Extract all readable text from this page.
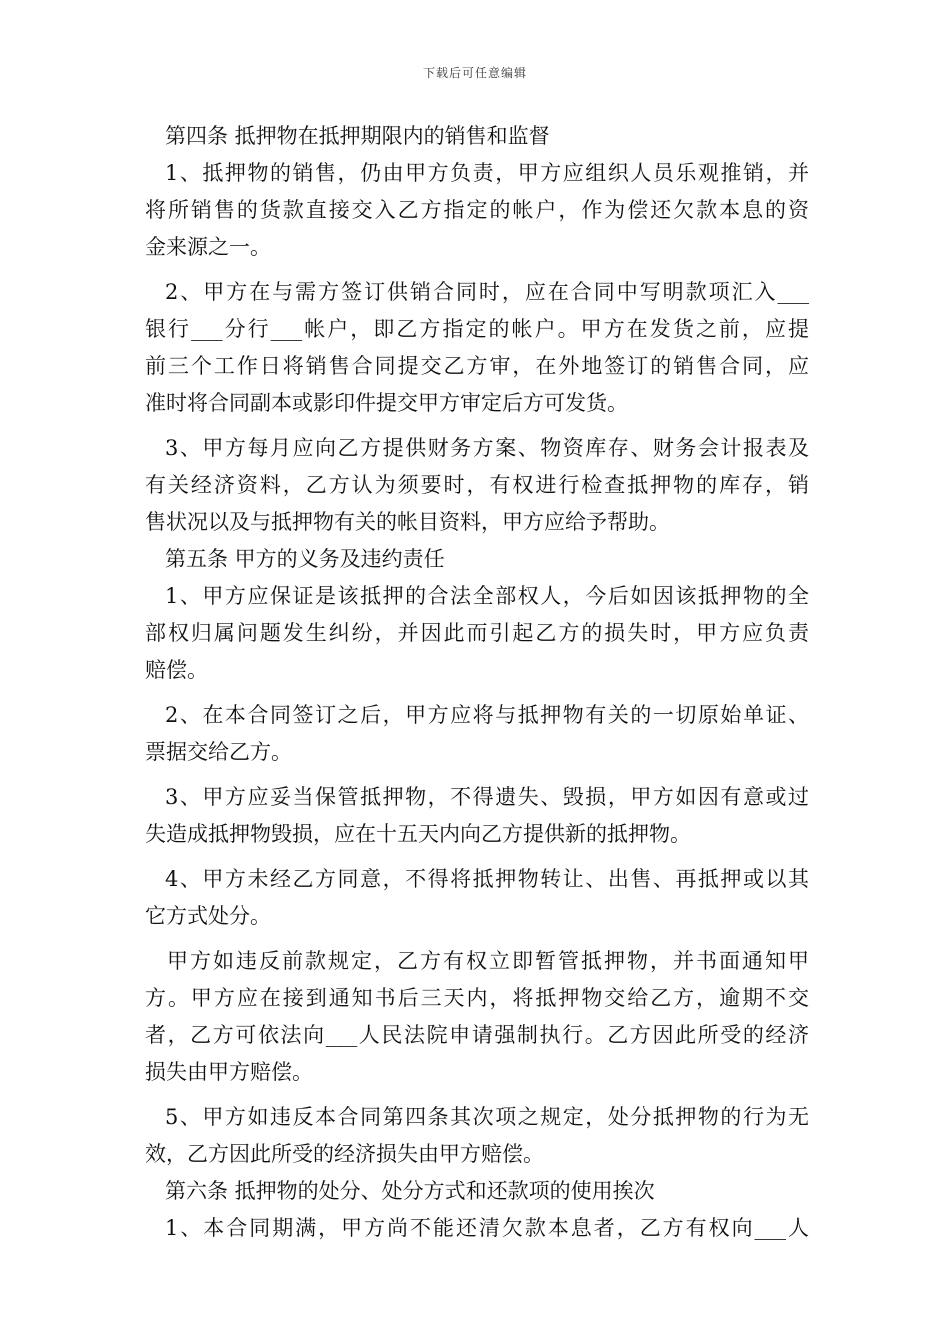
下载后可任意编辑
第四条 抵押物在抵押期限内的销售和监督
1、抵押物的销售，仍由甲方负责，甲方应组织人员乐观推销，并
将所销售的货款直接交入乙方指定的帐户，作为偿还欠款本息的资
金来源之一。
2、甲方在与需方签订供销合同时，应在合同中写明款项汇入___
银行___分行___帐户，即乙方指定的帐户。甲方在发货之前，应提
前三个工作日将销售合同提交乙方审，在外地签订的销售合同，应
准时将合同副本或影印件提交甲方审定后方可发货。
3、甲方每月应向乙方提供财务方案、物资库存、财务会计报表及
有关经济资料，乙方认为须要时，有权进行检查抵押物的库存，销
售状况以及与抵押物有关的帐目资料，甲方应给予帮助。
第五条 甲方的义务及违约责任
1、甲方应保证是该抵押的合法全部权人，今后如因该抵押物的全
部权归属问题发生纠纷，并因此而引起乙方的损失时，甲方应负责
赔偿。
2、在本合同签订之后，甲方应将与抵押物有关的一切原始单证、
票据交给乙方。
3、甲方应妥当保管抵押物，不得遗失、毁损，甲方如因有意或过
失造成抵押物毁损，应在十五天内向乙方提供新的抵押物。
4、甲方未经乙方同意，不得将抵押物转让、出售、再抵押或以其
它方式处分。
甲方如违反前款规定，乙方有权立即暂管抵押物，并书面通知甲
方。甲方应在接到通知书后三天内，将抵押物交给乙方，逾期不交
者，乙方可依法向___人民法院申请强制执行。乙方因此所受的经济
损失由甲方赔偿。
5、甲方如违反本合同第四条其次项之规定，处分抵押物的行为无
效，乙方因此所受的经济损失由甲方赔偿。
第六条 抵押物的处分、处分方式和还款项的使用挨次
1、本合同期满，甲方尚不能还清欠款本息者，乙方有权向___人
